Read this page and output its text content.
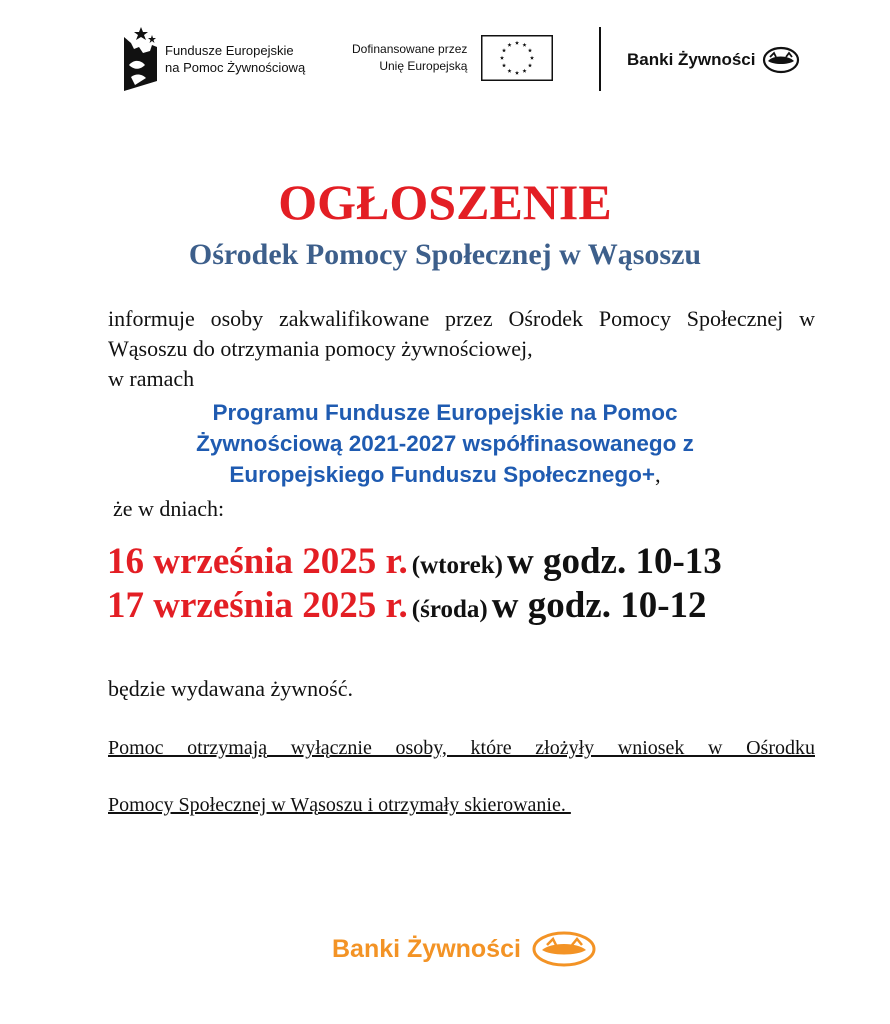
Fundusze Europejskie
na Pomoc Żywnościową
Dofinansowane przez
Unię Europejską	Banki Żywności
OGŁOSZENIE
Ośrodek Pomocy Społecznej w Wąsoszu

informuje osoby zakwalifikowane przez Ośrodek Pomocy Społecznej w Wąsoszu do otrzymania pomocy żywnościowej,

w ramach
Programu Fundusze Europejskie na Pomoc
Żywnościową 2021-2027 współfinasowanego z
Europejskiego Funduszu Społecznego+,
że w dniach:
16 września 2025 r. (wtorek) w godz. 10-13
17 września 2025 r. (środa) w godz. 10-12
będzie wydawana żywność.

Pomoc otrzymają wyłącznie osoby, które złożyły wniosek w Ośrodku

Pomocy Społecznej w Wąsoszu i otrzymały skierowanie.
Banki Żywności
